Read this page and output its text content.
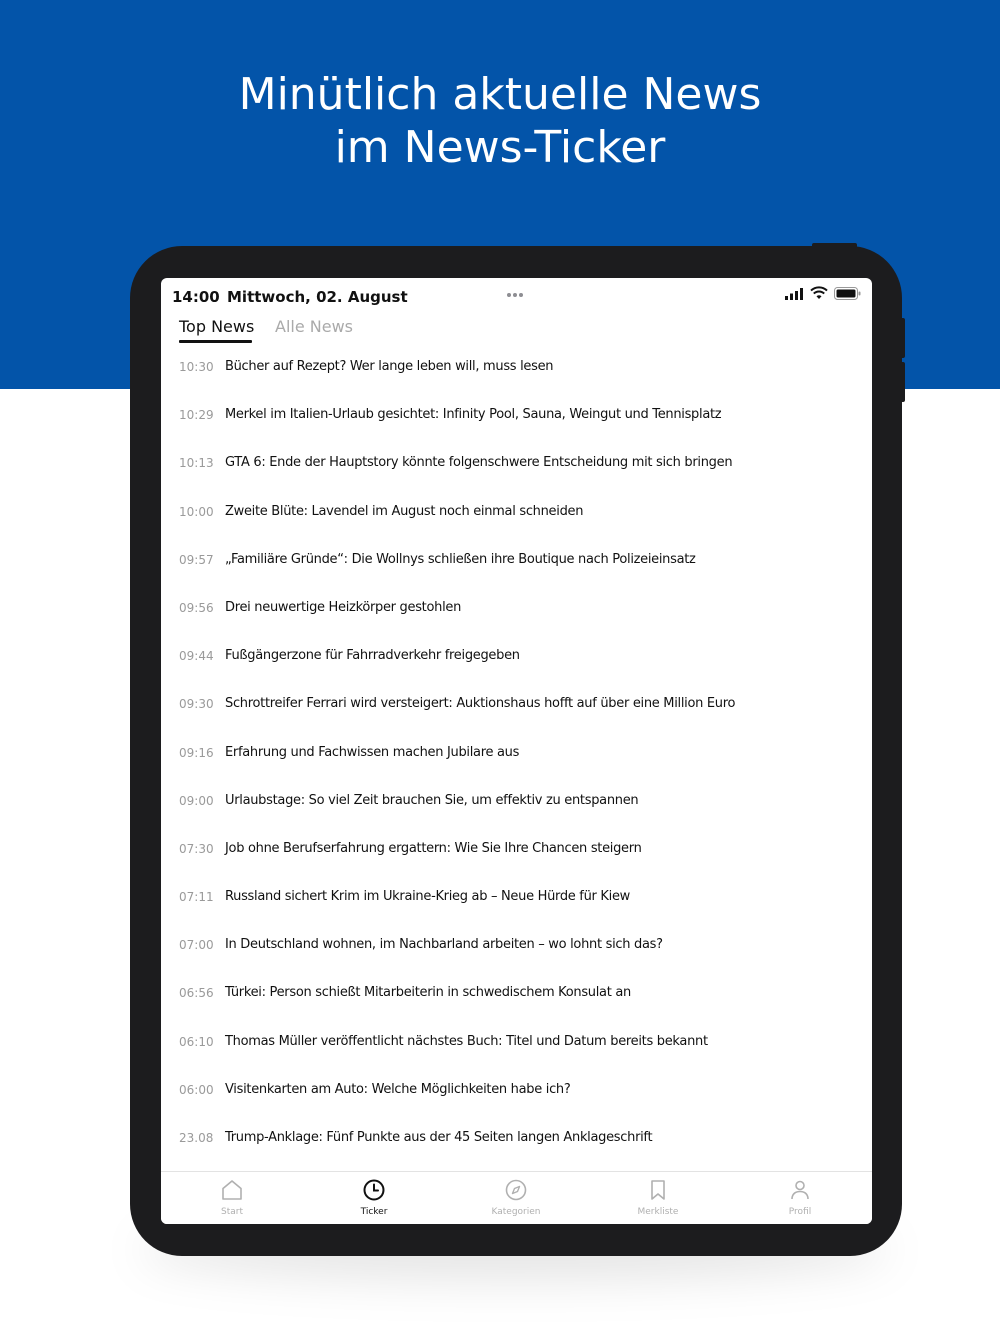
Minütlich aktuelle News
im News-Ticker
14:00 Mittwoch, 02. August
Top News Alle News
10:30 Bücher auf Rezept? Wer lange leben will, muss lesen
10:29 Merkel im Italien-Urlaub gesichtet: Infinity Pool, Sauna, Weingut und Tennisplatz
10:13 GTA 6: Ende der Hauptstory könnte folgenschwere Entscheidung mit sich bringen
10:00 Zweite Blüte: Lavendel im August noch einmal schneiden
09:57 „Familiäre Gründe“: Die Wollnys schließen ihre Boutique nach Polizeieinsatz
09:56 Drei neuwertige Heizkörper gestohlen
09:44 Fußgängerzone für Fahrradverkehr freigegeben
09:30 Schrottreifer Ferrari wird versteigert: Auktionshaus hofft auf über eine Million Euro
09:16 Erfahrung und Fachwissen machen Jubilare aus
09:00 Urlaubstage: So viel Zeit brauchen Sie, um effektiv zu entspannen
07:30 Job ohne Berufserfahrung ergattern: Wie Sie Ihre Chancen steigern
07:11 Russland sichert Krim im Ukraine-Krieg ab – Neue Hürde für Kiew
07:00 In Deutschland wohnen, im Nachbarland arbeiten – wo lohnt sich das?
06:56 Türkei: Person schießt Mitarbeiterin in schwedischem Konsulat an
06:10 Thomas Müller veröffentlicht nächstes Buch: Titel und Datum bereits bekannt
06:00 Visitenkarten am Auto: Welche Möglichkeiten habe ich?
23.08 Trump-Anklage: Fünf Punkte aus der 45 Seiten langen Anklageschrift
Start	Ticker	Kategorien	Merkliste	Profil
